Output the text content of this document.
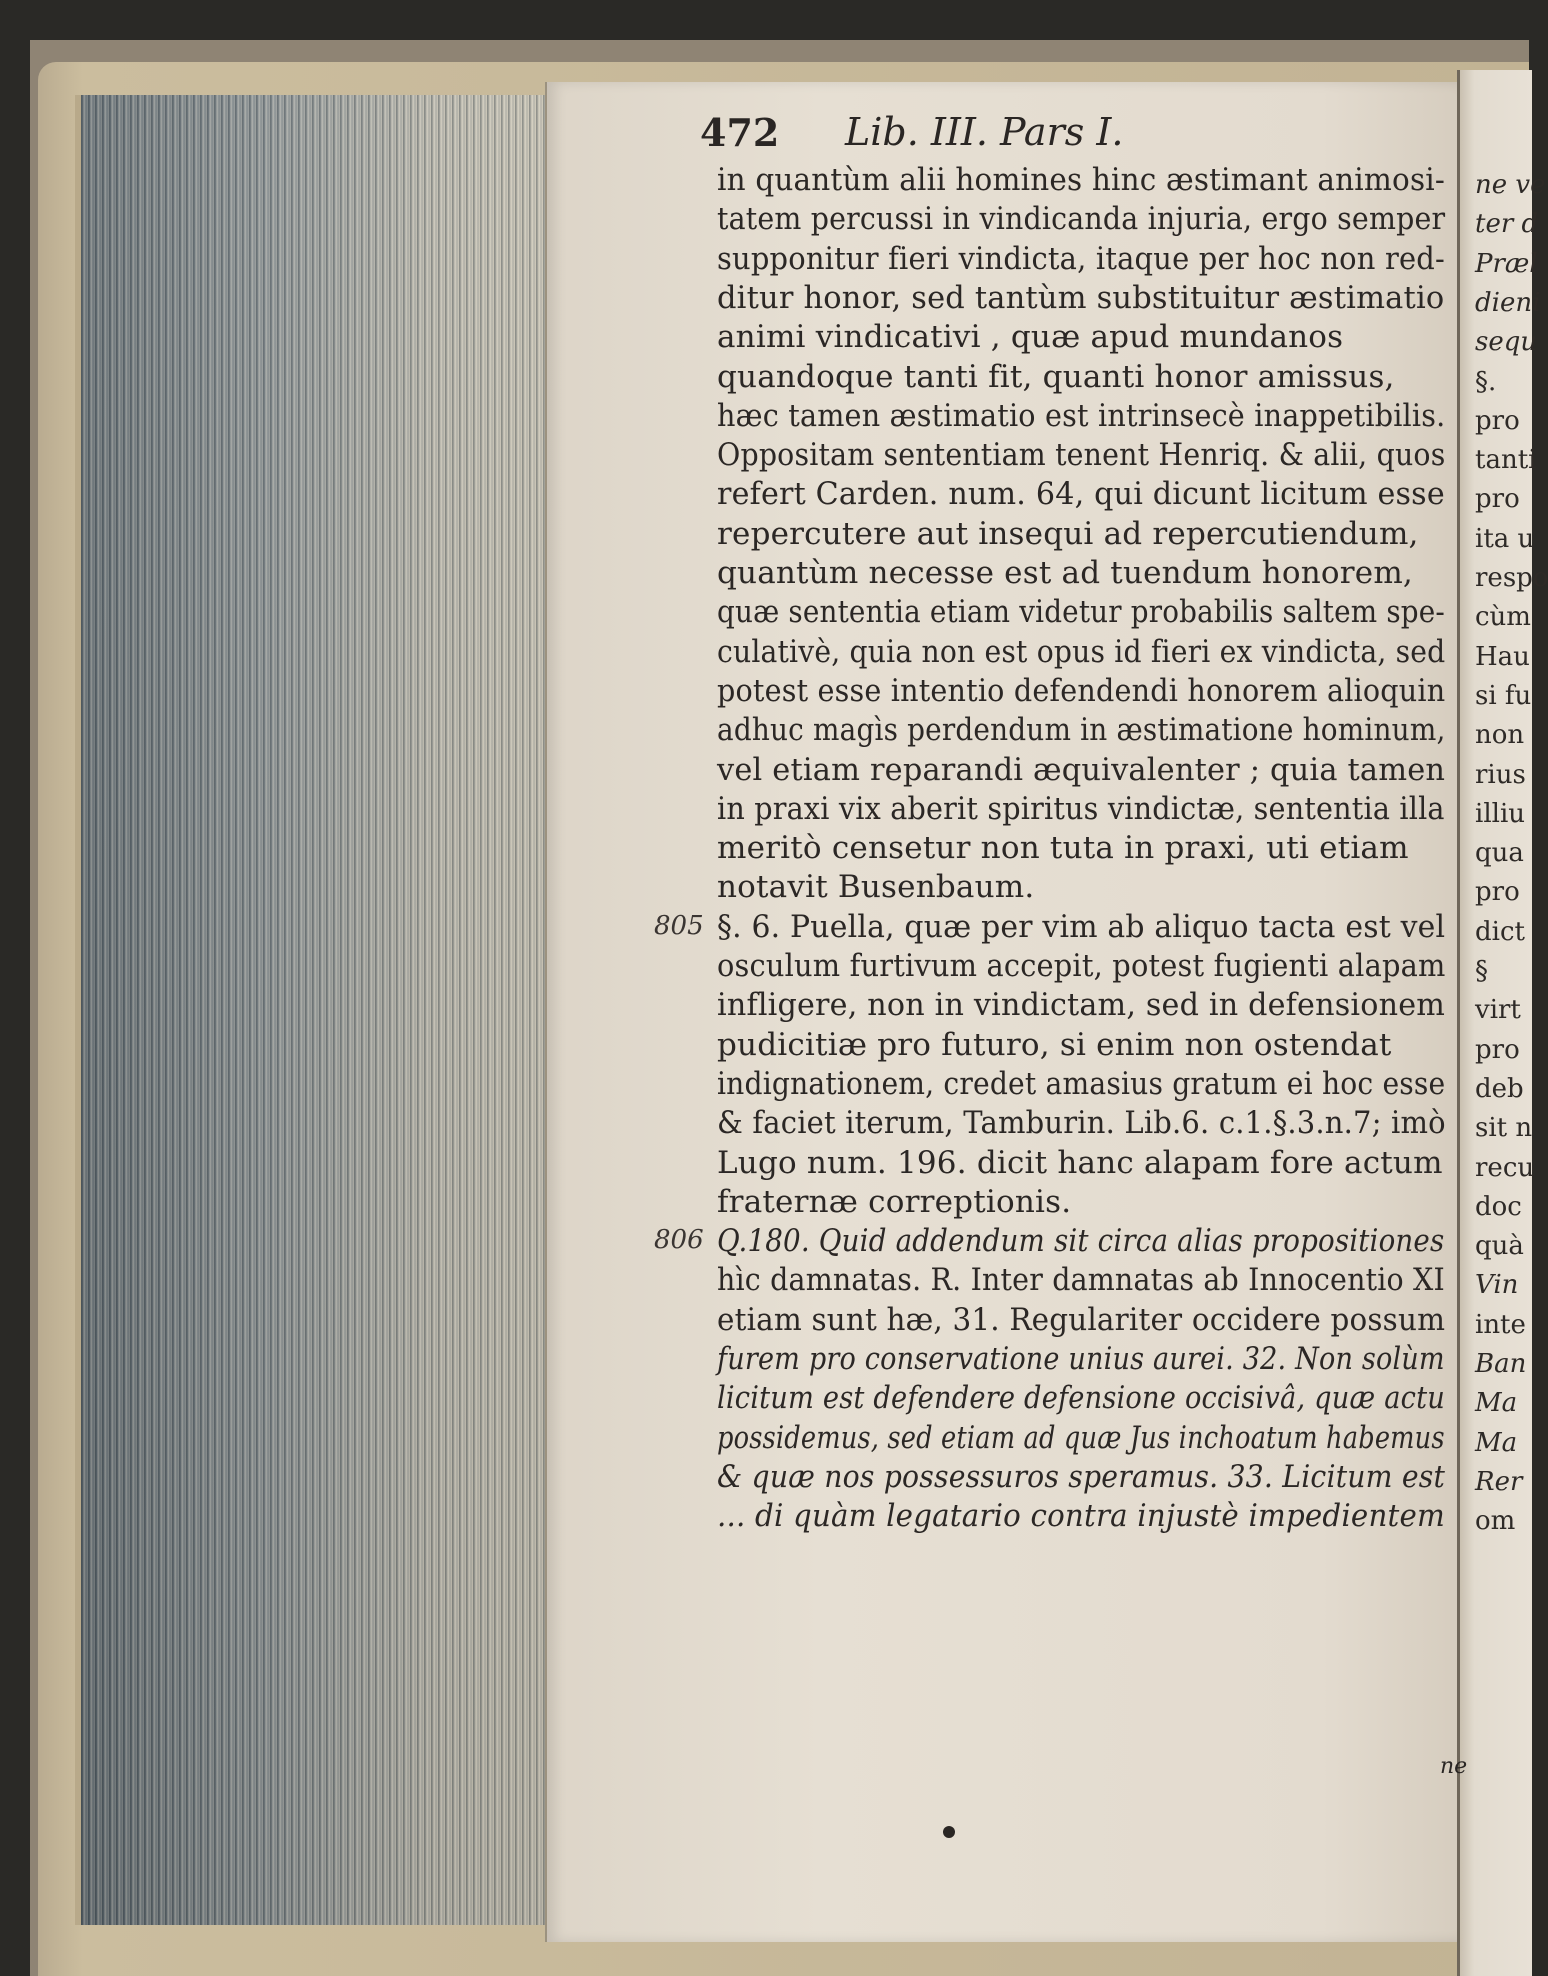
472 Lib. III. Pars I.
in quantùm alii homines hinc æstimant animosi-
tatem percussi in vindicanda injuria, ergo semper
supponitur fieri vindicta, itaque per hoc non red-
ditur honor, sed tantùm substituitur æstimatio
animi vindicativi , quæ apud mundanos
quandoque tanti fit, quanti honor amissus,
hæc tamen æstimatio est intrinsecè inappetibilis.
Oppositam sententiam tenent Henriq. & alii, quos
refert Carden. num. 64, qui dicunt licitum esse
repercutere aut insequi ad repercutiendum,
quantùm necesse est ad tuendum honorem,
quæ sententia etiam videtur probabilis saltem spe-
culativè, quia non est opus id fieri ex vindicta, sed
potest esse intentio defendendi honorem alioquin
adhuc magìs perdendum in æstimatione hominum,
vel etiam reparandi æquivalenter ; quia tamen
in praxi vix aberit spiritus vindictæ, sententia illa
meritò censetur non tuta in praxi, uti etiam
notavit Busenbaum.
§. 6. Puella, quæ per vim ab aliquo tacta est vel
osculum furtivum accepit, potest fugienti alapam
infligere, non in vindictam, sed in defensionem
pudicitiæ pro futuro, si enim non ostendat
indignationem, credet amasius gratum ei hoc esse
& faciet iterum, Tamburin. Lib.6. c.1.§.3.n.7; imò
Lugo num. 196. dicit hanc alapam fore actum
fraternæ correptionis.
Q.180. Quid addendum sit circa alias propositiones
hìc damnatas. R. Inter damnatas ab Innocentio XI
etiam sunt hæ, 31. Regulariter occidere possum
furem pro conservatione unius aurei. 32. Non solùm
licitum est defendere defensione occisivâ, quæ actu
possidemus, sed etiam ad quæ Jus inchoatum habemus
& quæ nos possessuros speramus. 33. Licitum est
... di quàm legatario contra injustè impedientem
805
806
ne ve
ter d
Præl
dieni
sequ
§.
pro
tanti
pro
ita u
respo
cùm
Hau
si fu
non
rius
illiu
qua
pro
dict
§
virt
pro
deb
sit n
recu
doc
quà
Vin
inte
Ban
Ma
Ma
Rer
om
ne
